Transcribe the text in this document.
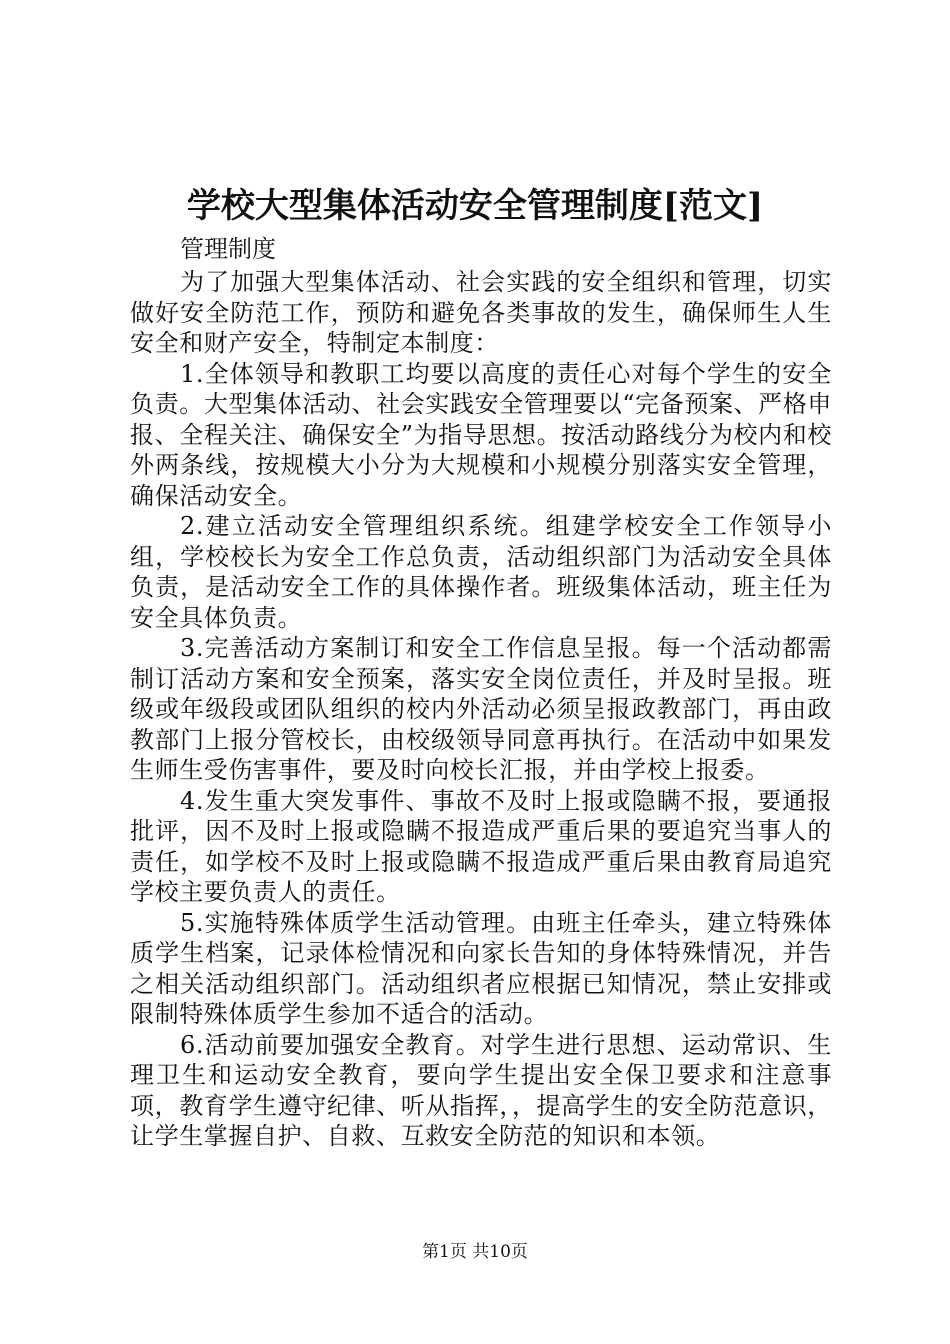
学校大型集体活动安全管理制度[范文]

管理制度

为了加强大型集体活动、社会实践的安全组织和管理，切实做好安全防范工作，预防和避免各类事故的发生，确保师生人生安全和财产安全，特制定本制度：

1.全体领导和教职工均要以高度的责任心对每个学生的安全负责。大型集体活动、社会实践安全管理要以“完备预案、严格申报、全程关注、确保安全”为指导思想。按活动路线分为校内和校外两条线，按规模大小分为大规模和小规模分别落实安全管理，确保活动安全。

2.建立活动安全管理组织系统。组建学校安全工作领导小组，学校校长为安全工作总负责，活动组织部门为活动安全具体负责，是活动安全工作的具体操作者。班级集体活动，班主任为安全具体负责。

3.完善活动方案制订和安全工作信息呈报。每一个活动都需制订活动方案和安全预案，落实安全岗位责任，并及时呈报。班级或年级段或团队组织的校内外活动必须呈报政教部门，再由政教部门上报分管校长，由校级领导同意再执行。在活动中如果发生师生受伤害事件，要及时向校长汇报，并由学校上报委。

4.发生重大突发事件、事故不及时上报或隐瞒不报，要通报批评，因不及时上报或隐瞒不报造成严重后果的要追究当事人的责任，如学校不及时上报或隐瞒不报造成严重后果由教育局追究学校主要负责人的责任。

5.实施特殊体质学生活动管理。由班主任牵头，建立特殊体质学生档案，记录体检情况和向家长告知的身体特殊情况，并告之相关活动组织部门。活动组织者应根据已知情况，禁止安排或限制特殊体质学生参加不适合的活动。

6.活动前要加强安全教育。对学生进行思想、运动常识、生理卫生和运动安全教育，要向学生提出安全保卫要求和注意事项，教育学生遵守纪律、听从指挥，，提高学生的安全防范意识，让学生掌握自护、自救、互救安全防范的知识和本领。

第1页 共10页
